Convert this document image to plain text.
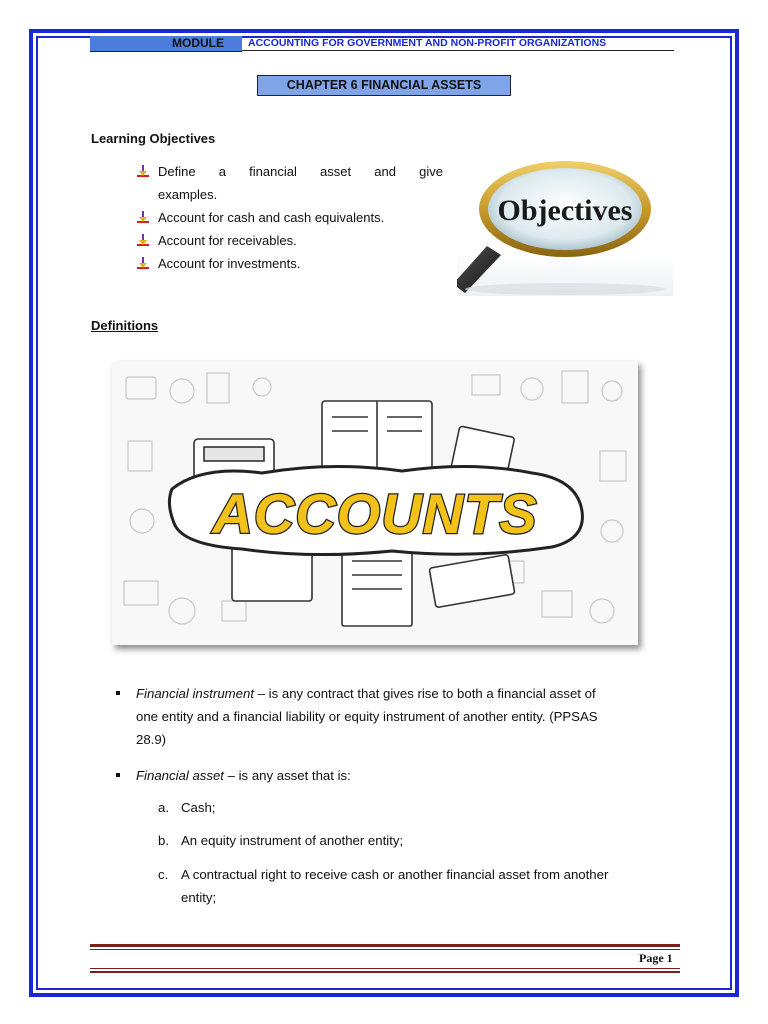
MODULE ACCOUNTING FOR GOVERNMENT AND NON-PROFIT ORGANIZATIONS
CHAPTER 6 FINANCIAL ASSETS
Learning Objectives
Define a financial asset and give
examples.
Account for cash and cash equivalents.
Account for receivables.
Account for investments.
Objectives
Definitions
ACCOUNTS
Financial instrument – is any contract that gives rise to both a financial asset of
one entity and a financial liability or equity instrument of another entity. (PPSAS
28.9)
Financial asset – is any asset that is:
a. Cash;
b. An equity instrument of another entity;
c. A contractual right to receive cash or another financial asset from another
entity;
Page 1
